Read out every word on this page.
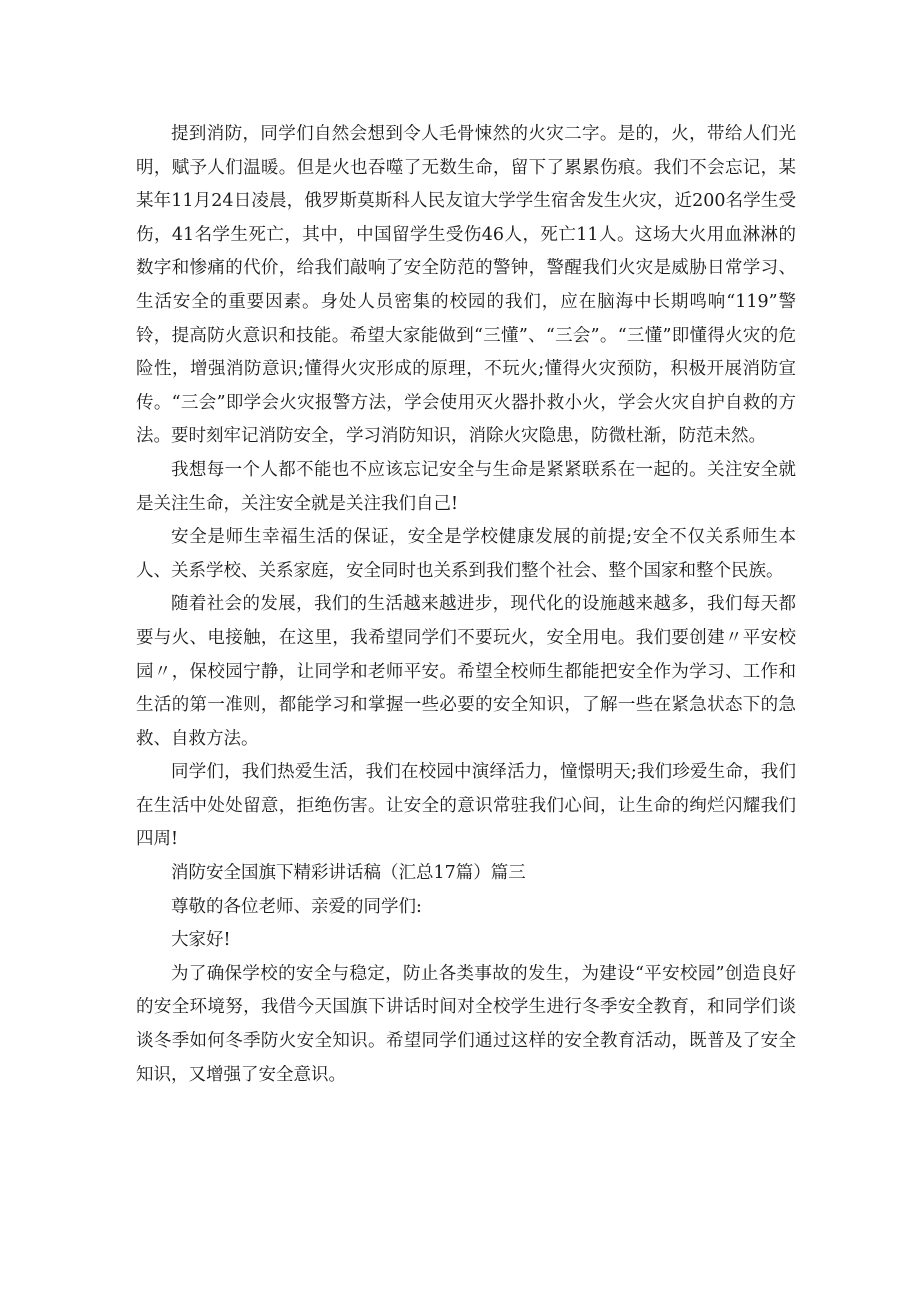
提到消防，同学们自然会想到令人毛骨悚然的火灾二字。是的，火，带给人们光明，赋予人们温暖。但是火也吞噬了无数生命，留下了累累伤痕。我们不会忘记，某某年11月24日凌晨，俄罗斯莫斯科人民友谊大学学生宿舍发生火灾，近200名学生受伤，41名学生死亡，其中，中国留学生受伤46人，死亡11人。这场大火用血淋淋的数字和惨痛的代价，给我们敲响了安全防范的警钟，警醒我们火灾是威胁日常学习、生活安全的重要因素。身处人员密集的校园的我们，应在脑海中长期鸣响“119”警铃，提高防火意识和技能。希望大家能做到“三懂”、“三会”。“三懂”即懂得火灾的危险性，增强消防意识;懂得火灾形成的原理，不玩火;懂得火灾预防，积极开展消防宣传。“三会”即学会火灾报警方法，学会使用灭火器扑救小火，学会火灾自护自救的方法。要时刻牢记消防安全，学习消防知识，消除火灾隐患，防微杜渐，防范未然。

我想每一个人都不能也不应该忘记安全与生命是紧紧联系在一起的。关注安全就是关注生命，关注安全就是关注我们自己!

安全是师生幸福生活的保证，安全是学校健康发展的前提;安全不仅关系师生本人、关系学校、关系家庭，安全同时也关系到我们整个社会、整个国家和整个民族。

随着社会的发展，我们的生活越来越进步，现代化的设施越来越多，我们每天都要与火、电接触，在这里，我希望同学们不要玩火，安全用电。我们要创建〃平安校园〃，保校园宁静，让同学和老师平安。希望全校师生都能把安全作为学习、工作和生活的第一准则，都能学习和掌握一些必要的安全知识，了解一些在紧急状态下的急救、自救方法。

同学们，我们热爱生活，我们在校园中演绎活力，憧憬明天;我们珍爱生命，我们在生活中处处留意，拒绝伤害。让安全的意识常驻我们心间，让生命的绚烂闪耀我们四周!

消防安全国旗下精彩讲话稿（汇总17篇）篇三

尊敬的各位老师、亲爱的同学们:

大家好!

为了确保学校的安全与稳定，防止各类事故的发生，为建设“平安校园”创造良好的安全环境努，我借今天国旗下讲话时间对全校学生进行冬季安全教育，和同学们谈谈冬季如何冬季防火安全知识。希望同学们通过这样的安全教育活动，既普及了安全知识，又增强了安全意识。
